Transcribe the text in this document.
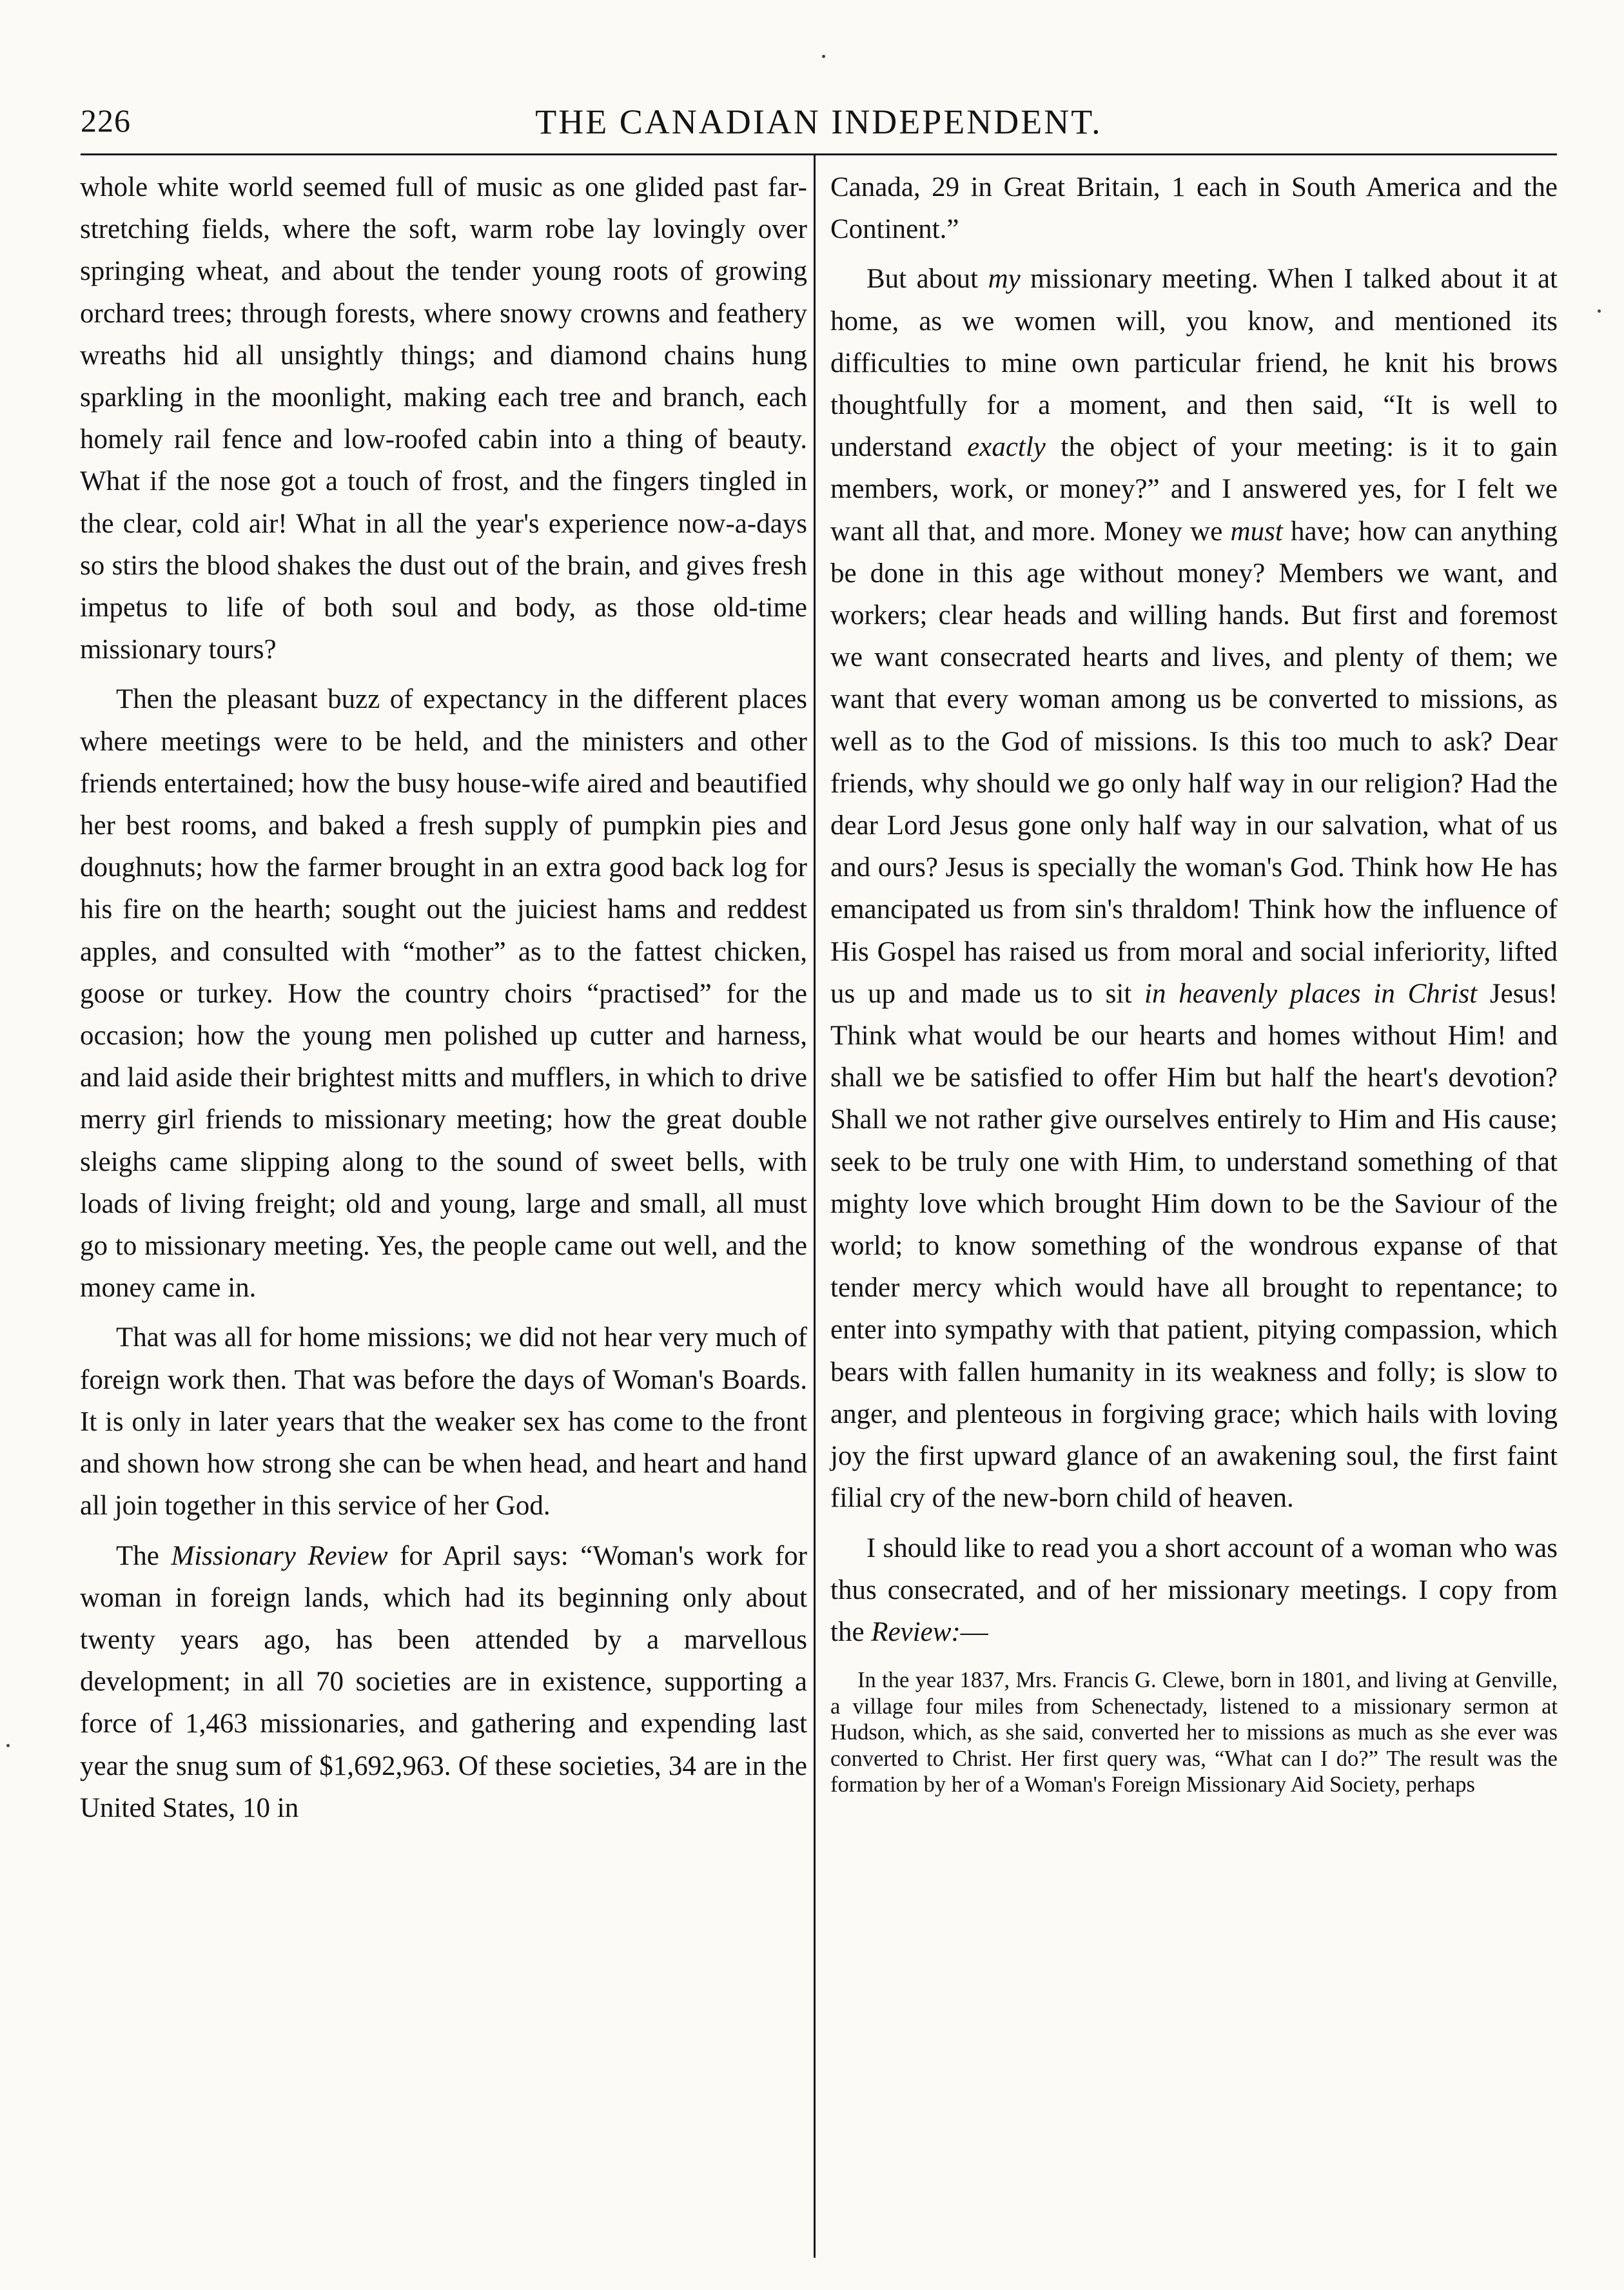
226	THE CANADIAN INDEPENDENT.

whole white world seemed full of music as one glided past far-stretching fields, where the soft, warm robe lay lovingly over springing wheat, and about the tender young roots of growing orchard trees; through forests, where snowy crowns and feathery wreaths hid all unsightly things; and diamond chains hung sparkling in the moonlight, making each tree and branch, each homely rail fence and low-roofed cabin into a thing of beauty. What if the nose got a touch of frost, and the fingers tingled in the clear, cold air! What in all the year's experience now-a-days so stirs the blood shakes the dust out of the brain, and gives fresh impetus to life of both soul and body, as those old-time missionary tours?

Then the pleasant buzz of expectancy in the different places where meetings were to be held, and the ministers and other friends entertained; how the busy house-wife aired and beautified her best rooms, and baked a fresh supply of pumpkin pies and doughnuts; how the farmer brought in an extra good back log for his fire on the hearth; sought out the juiciest hams and reddest apples, and consulted with “mother” as to the fattest chicken, goose or turkey. How the country choirs “practised” for the occasion; how the young men polished up cutter and harness, and laid aside their brightest mitts and mufflers, in which to drive merry girl friends to missionary meeting; how the great double sleighs came slipping along to the sound of sweet bells, with loads of living freight; old and young, large and small, all must go to missionary meeting. Yes, the people came out well, and the money came in.

That was all for home missions; we did not hear very much of foreign work then. That was before the days of Woman's Boards. It is only in later years that the weaker sex has come to the front and shown how strong she can be when head, and heart and hand all join together in this service of her God.

The Missionary Review for April says: “Woman's work for woman in foreign lands, which had its beginning only about twenty years ago, has been attended by a marvellous development; in all 70 societies are in existence, supporting a force of 1,463 missionaries, and gathering and expending last year the snug sum of $1,692,963. Of these societies, 34 are in the United States, 10 in

Canada, 29 in Great Britain, 1 each in South America and the Continent.”

But about my missionary meeting. When I talked about it at home, as we women will, you know, and mentioned its difficulties to mine own particular friend, he knit his brows thoughtfully for a moment, and then said, “It is well to understand exactly the object of your meeting: is it to gain members, work, or money?” and I answered yes, for I felt we want all that, and more. Money we must have; how can anything be done in this age without money? Members we want, and workers; clear heads and willing hands. But first and foremost we want consecrated hearts and lives, and plenty of them; we want that every woman among us be converted to missions, as well as to the God of missions. Is this too much to ask? Dear friends, why should we go only half way in our religion? Had the dear Lord Jesus gone only half way in our salvation, what of us and ours? Jesus is specially the woman's God. Think how He has emancipated us from sin's thraldom! Think how the influence of His Gospel has raised us from moral and social inferiority, lifted us up and made us to sit in heavenly places in Christ Jesus! Think what would be our hearts and homes without Him! and shall we be satisfied to offer Him but half the heart's devotion? Shall we not rather give ourselves entirely to Him and His cause; seek to be truly one with Him, to understand something of that mighty love which brought Him down to be the Saviour of the world; to know something of the wondrous expanse of that tender mercy which would have all brought to repentance; to enter into sympathy with that patient, pitying compassion, which bears with fallen humanity in its weakness and folly; is slow to anger, and plenteous in forgiving grace; which hails with loving joy the first upward glance of an awakening soul, the first faint filial cry of the new-born child of heaven.

I should like to read you a short account of a woman who was thus consecrated, and of her missionary meetings. I copy from the Review:—

In the year 1837, Mrs. Francis G. Clewe, born in 1801, and living at Genville, a village four miles from Schenectady, listened to a missionary sermon at Hudson, which, as she said, converted her to missions as much as she ever was converted to Christ. Her first query was, “What can I do?” The result was the formation by her of a Woman's Foreign Missionary Aid Society, perhaps
